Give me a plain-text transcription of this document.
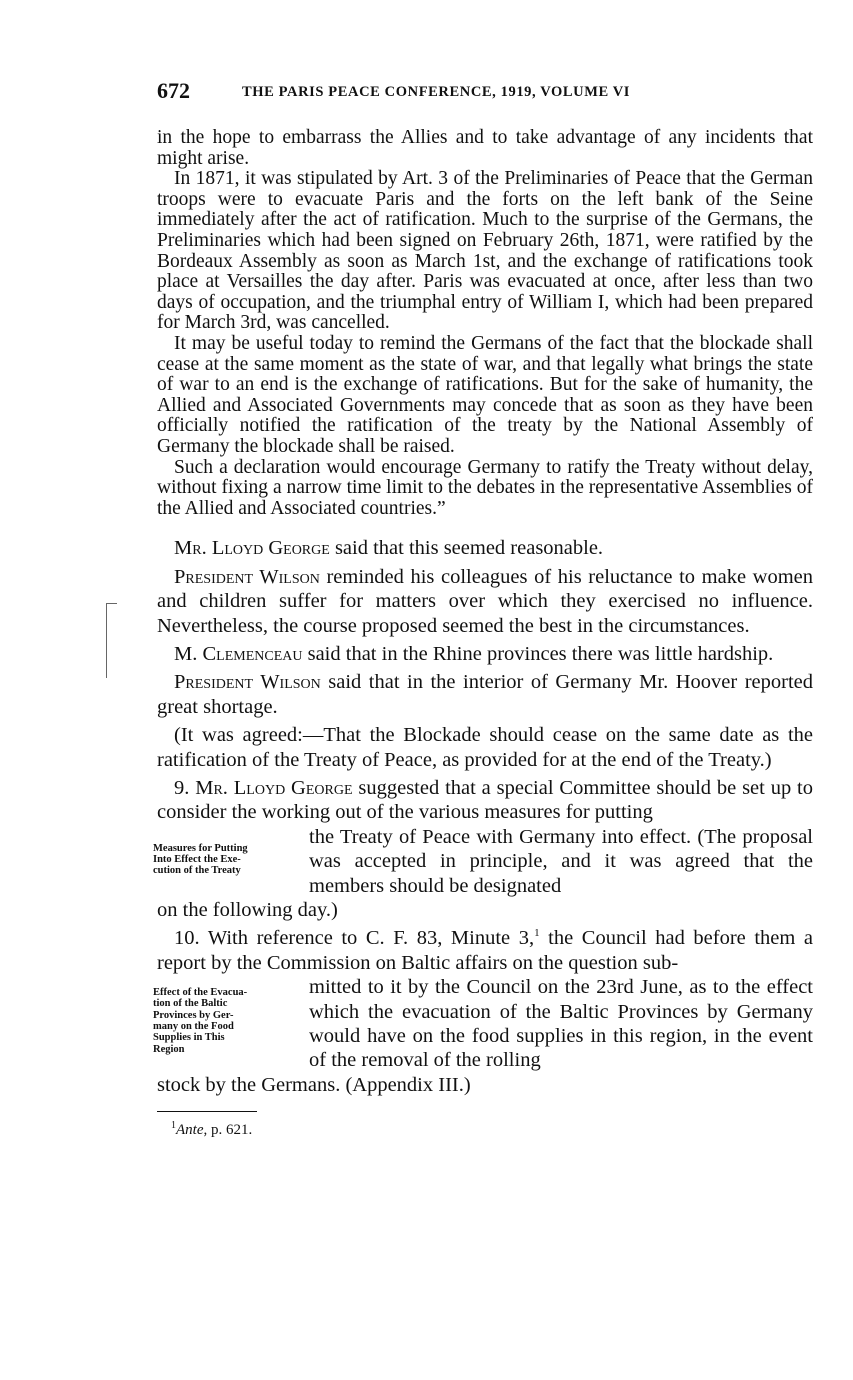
672	THE PARIS PEACE CONFERENCE, 1919, VOLUME VI

in the hope to embarrass the Allies and to take advantage of any incidents that might arise.

In 1871, it was stipulated by Art. 3 of the Preliminaries of Peace that the German troops were to evacuate Paris and the forts on the left bank of the Seine immediately after the act of ratification. Much to the surprise of the Germans, the Preliminaries which had been signed on February 26th, 1871, were ratified by the Bordeaux Assembly as soon as March 1st, and the exchange of ratifications took place at Versailles the day after. Paris was evacuated at once, after less than two days of occupation, and the triumphal entry of William I, which had been prepared for March 3rd, was cancelled.

It may be useful today to remind the Germans of the fact that the blockade shall cease at the same moment as the state of war, and that legally what brings the state of war to an end is the exchange of ratifications. But for the sake of humanity, the Allied and Associated Governments may concede that as soon as they have been officially notified the ratification of the treaty by the National Assembly of Germany the blockade shall be raised.

Such a declaration would encourage Germany to ratify the Treaty without delay, without fixing a narrow time limit to the debates in the representative Assemblies of the Allied and Associated countries.”

Mr. Lloyd George said that this seemed reasonable.

President Wilson reminded his colleagues of his reluctance to make women and children suffer for matters over which they exercised no influence. Nevertheless, the course proposed seemed the best in the circumstances.

M. Clemenceau said that in the Rhine provinces there was little hardship.

President Wilson said that in the interior of Germany Mr. Hoover reported great shortage.

(It was agreed:—That the Blockade should cease on the same date as the ratification of the Treaty of Peace, as provided for at the end of the Treaty.)

9. Mr. Lloyd George suggested that a special Committee should be set up to consider the working out of the various measures for putting

Measures for Putting
Into Effect the Exe-
cution of the Treaty

the Treaty of Peace with Germany into effect. (The proposal was accepted in principle, and it was agreed that the members should be designated

on the following day.)

10. With reference to C. F. 83, Minute 3,$^1$ the Council had before them a report by the Commission on Baltic affairs on the question sub-

Effect of the Evacua-
tion of the Baltic
Provinces by Ger-
many on the Food
Supplies in This
Region

mitted to it by the Council on the 23rd June, as to the effect which the evacuation of the Baltic Provinces by Germany would have on the food supplies in this region, in the event of the removal of the rolling

stock by the Germans. (Appendix III.)

$^1$Ante, p. 621.
